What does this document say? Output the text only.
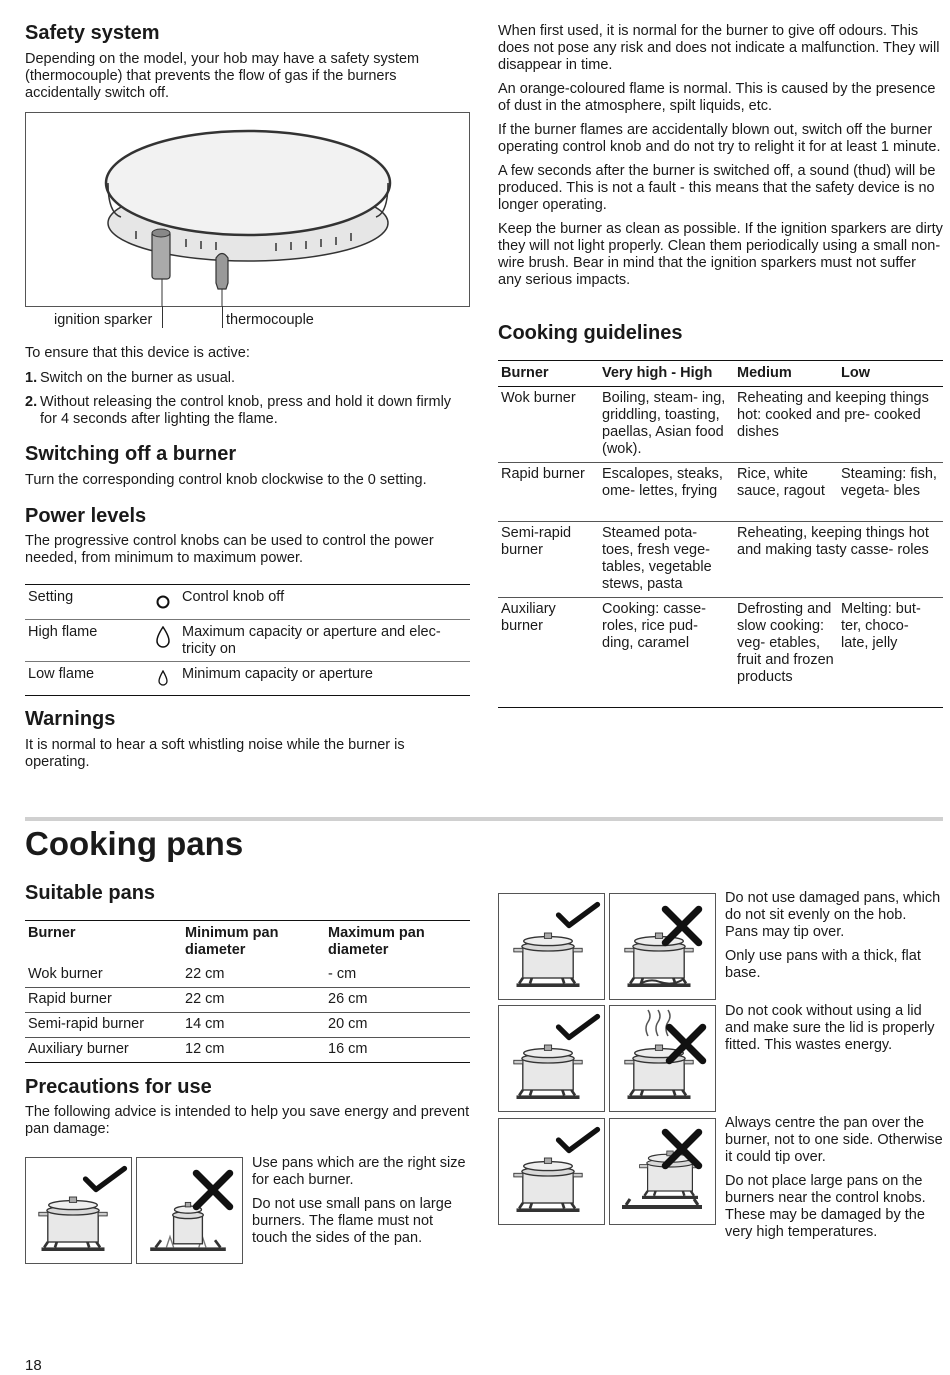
Safety system

Depending on the model, your hob may have a safety system (thermocouple) that prevents the flow of gas if the burners accidentally switch off.

ignition sparker	thermocouple

To ensure that this device is active:

1. Switch on the burner as usual.
2. Without releasing the control knob, press and hold it down firmly for 4 seconds after lighting the flame.
Switching off a burner

Turn the corresponding control knob clockwise to the 0 setting.

Power levels

The progressive control knobs can be used to control the power needed, from minimum to maximum power.

Setting	Control knob off
High flame	Maximum capacity or aperture and elec- tricity on
Low flame	Minimum capacity or aperture
Warnings

It is normal to hear a soft whistling noise while the burner is operating.

When first used, it is normal for the burner to give off odours. This does not pose any risk and does not indicate a malfunction. They will disappear in time.

An orange-coloured flame is normal. This is caused by the presence of dust in the atmosphere, spilt liquids, etc.

If the burner flames are accidentally blown out, switch off the burner operating control knob and do not try to relight it for at least 1 minute.

A few seconds after the burner is switched off, a sound (thud) will be produced. This is not a fault - this means that the safety device is no longer operating.

Keep the burner as clean as possible. If the ignition sparkers are dirty they will not light properly. Clean them periodically using a small non-wire brush. Bear in mind that the ignition sparkers must not suffer any serious impacts.

Cooking guidelines
Burner	Very high - High	Medium	Low
Wok burner	Boiling, steam- ing, griddling, toasting, paellas, Asian food (wok).	Reheating and keeping things hot: cooked and pre- cooked dishes	
Rapid burner	Escalopes, steaks, ome- lettes, frying	Rice, white sauce, ragout	Steaming: fish, vegeta- bles
Semi-rapid burner	Steamed pota- toes, fresh vege- tables, vegetable stews, pasta	Reheating, keeping things hot and making tasty casse- roles	
Auxiliary burner	Cooking: casse- roles, rice pud- ding, caramel	Defrosting and slow cooking: veg- etables, fruit and frozen products	Melting: but- ter, choco- late, jelly
Cooking pans
Suitable pans
Burner	Minimum pan diameter	Maximum pan diameter
Wok burner	22 cm	- cm
Rapid burner	22 cm	26 cm
Semi-rapid burner	14 cm	20 cm
Auxiliary burner	12 cm	16 cm
Precautions for use

The following advice is intended to help you save energy and prevent pan damage:

Use pans which are the right size for each burner.

Do not use small pans on large burners. The flame must not touch the sides of the pan.

Do not use damaged pans, which do not sit evenly on the hob. Pans may tip over.

Only use pans with a thick, flat base.

Do not cook without using a lid and make sure the lid is properly fitted. This wastes energy.

Always centre the pan over the burner, not to one side. Otherwise it could tip over.

Do not place large pans on the burners near the control knobs. These may be damaged by the very high temperatures.

18
